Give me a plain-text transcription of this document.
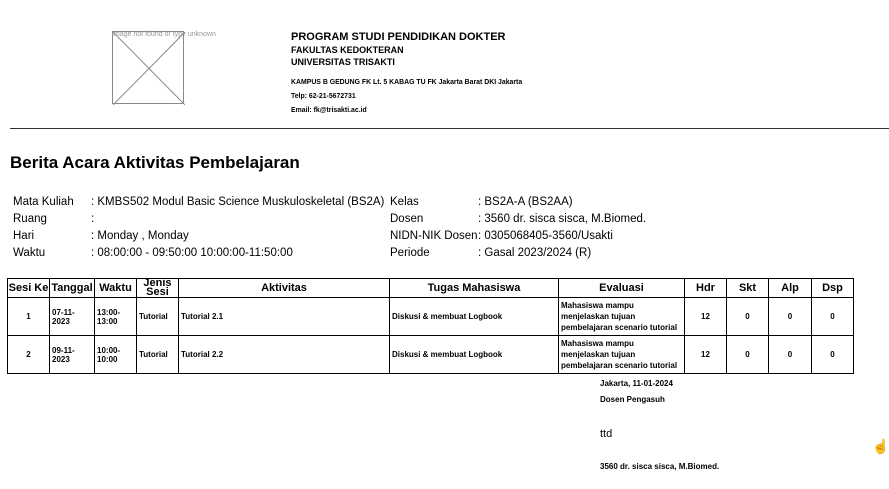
Image not found or type unknown	PROGRAM STUDI PENDIDIKAN DOKTER
FAKULTAS KEDOKTERAN
UNIVERSITAS TRISAKTI
KAMPUS B GEDUNG FK Lt. 5 KABAG TU FK Jakarta Barat DKI Jakarta
Telp: 62-21-5672731
Email: fk@trisakti.ac.id
Berita Acara Aktivitas Pembelajaran
Mata Kuliah	: KMBS502 Modul Basic Science Muskuloskeletal (BS2A)
Ruang	:
Hari	: Monday , Monday
Waktu	: 08:00:00 - 09:50:00 10:00:00-11:50:00
Kelas	: BS2A-A (BS2AA)
Dosen	: 3560 dr. sisca sisca, M.Biomed.
NIDN-NIK Dosen : 0305068405-3560/Usakti
Periode	: Gasal 2023/2024 (R)
Sesi Ke	Tanggal	Waktu	Jenis Sesi	Aktivitas	Tugas Mahasiswa	Evaluasi	Hdr	Skt	Alp	Dsp
1	07-11-2023	13:00-13:00	Tutorial	Tutorial 2.1	Diskusi & membuat Logbook	Mahasiswa mampu menjelaskan tujuan pembelajaran scenario tutorial	12	0	0	0
2	09-11-2023	10:00-10:00	Tutorial	Tutorial 2.2	Diskusi & membuat Logbook	Mahasiswa mampu menjelaskan tujuan pembelajaran scenario tutorial	12	0	0	0
Jakarta, 11-01-2024
Dosen Pengasuh
ttd
3560 dr. sisca sisca, M.Biomed.
☝
